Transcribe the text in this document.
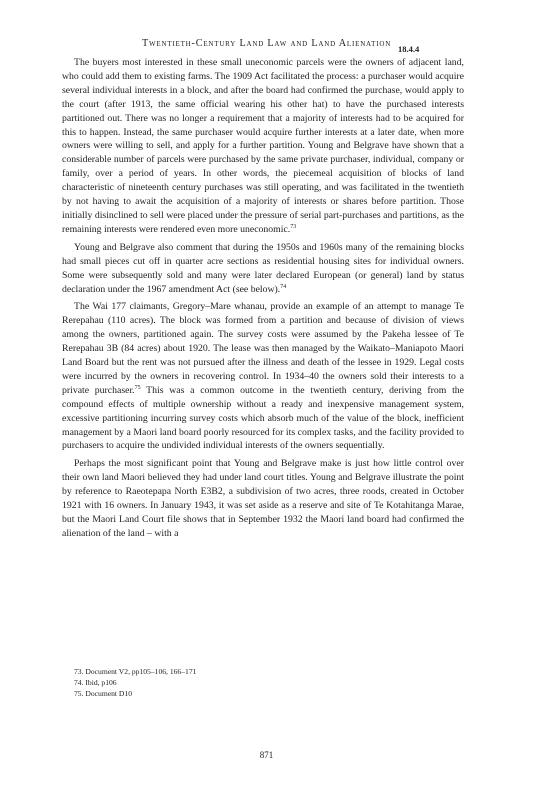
Twentieth-Century Land Law and Land Alienation 18.4.4

The buyers most interested in these small uneconomic parcels were the owners of adjacent land, who could add them to existing farms. The 1909 Act facilitated the process: a purchaser would acquire several individual interests in a block, and after the board had confirmed the purchase, would apply to the court (after 1913, the same official wearing his other hat) to have the purchased interests partitioned out. There was no longer a requirement that a majority of interests had to be acquired for this to happen. Instead, the same purchaser would acquire further interests at a later date, when more owners were willing to sell, and apply for a further partition. Young and Belgrave have shown that a considerable number of parcels were purchased by the same private purchaser, individual, company or family, over a period of years. In other words, the piecemeal acquisition of blocks of land characteristic of nineteenth century purchases was still operating, and was facilitated in the twentieth by not having to await the acquisition of a majority of interests or shares before partition. Those initially disinclined to sell were placed under the pressure of serial part-purchases and partitions, as the remaining interests were rendered even more uneconomic.$^{73}$

Young and Belgrave also comment that during the 1950s and 1960s many of the remaining blocks had small pieces cut off in quarter acre sections as residential housing sites for individual owners. Some were subsequently sold and many were later declared European (or general) land by status declaration under the 1967 amendment Act (see below).$^{74}$

The Wai 177 claimants, Gregory–Mare whanau, provide an example of an attempt to manage Te Rerepahau (110 acres). The block was formed from a partition and because of division of views among the owners, partitioned again. The survey costs were assumed by the Pakeha lessee of Te Rerepahau 3B (84 acres) about 1920. The lease was then managed by the Waikato–Maniapoto Maori Land Board but the rent was not pursued after the illness and death of the lessee in 1929. Legal costs were incurred by the owners in recovering control. In 1934–40 the owners sold their interests to a private purchaser.$^{75}$ This was a common outcome in the twentieth century, deriving from the compound effects of multiple ownership without a ready and inexpensive management system, excessive partitioning incurring survey costs which absorb much of the value of the block, inefficient management by a Maori land board poorly resourced for its complex tasks, and the facility provided to purchasers to acquire the undivided individual interests of the owners sequentially.

Perhaps the most significant point that Young and Belgrave make is just how little control over their own land Maori believed they had under land court titles. Young and Belgrave illustrate the point by reference to Raeotepapa North E3B2, a subdivision of two acres, three roods, created in October 1921 with 16 owners. In January 1943, it was set aside as a reserve and site of Te Kotahitanga Marae, but the Maori Land Court file shows that in September 1932 the Maori land board had confirmed the alienation of the land – with a

73. Document V2, pp105–106, 166–171

74. Ibid, p106

75. Document D10

871
